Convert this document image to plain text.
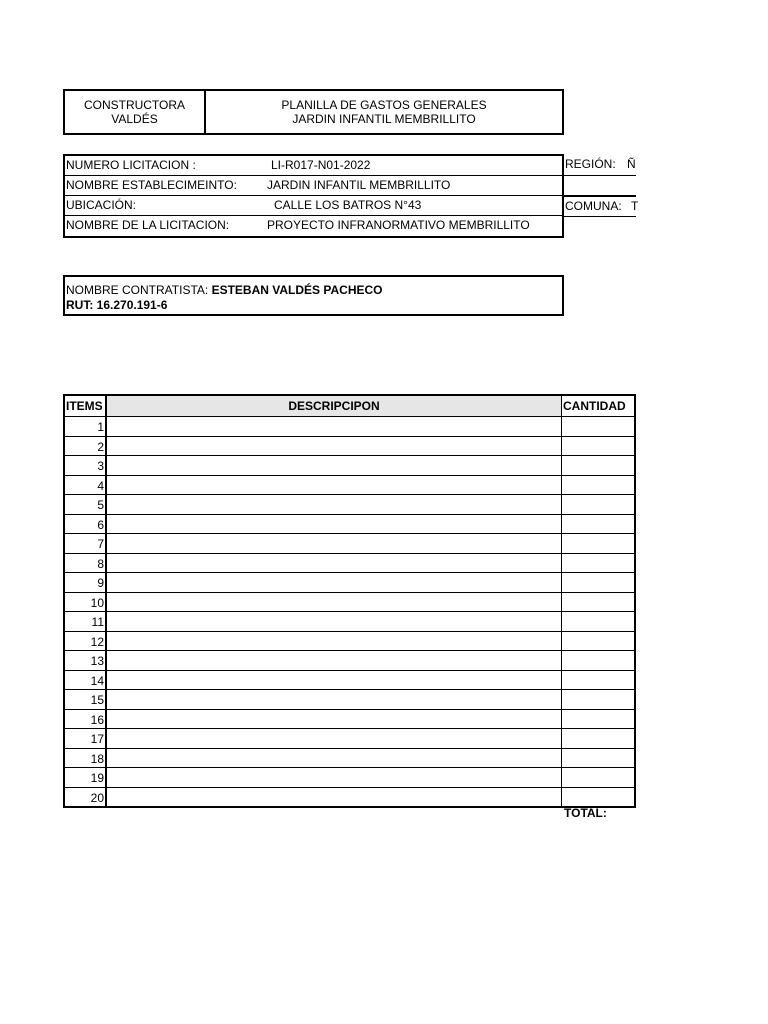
CONSTRUCTORA
VALDÉS
PLANILLA DE GASTOS GENERALES
JARDIN INFANTIL MEMBRILLITO
NUMERO LICITACION :	LI-R017-N01-2022
NOMBRE ESTABLECIMEINTO:	JARDIN INFANTIL MEMBRILLITO
UBICACIÓN:	CALLE LOS BATROS N°43
NOMBRE DE LA LICITACION:	PROYECTO INFRANORMATIVO MEMBRILLITO
REGIÓN: Ñ
COMUNA: T
NOMBRE CONTRATISTA: ESTEBAN VALDÉS PACHECO
RUT: 16.270.191-6
ITEMS	DESCRIPCIPON	CANTIDAD
1
2
3
4
5
6
7
8
9
10
11
12
13
14
15
16
17
18
19
20
TOTAL:
